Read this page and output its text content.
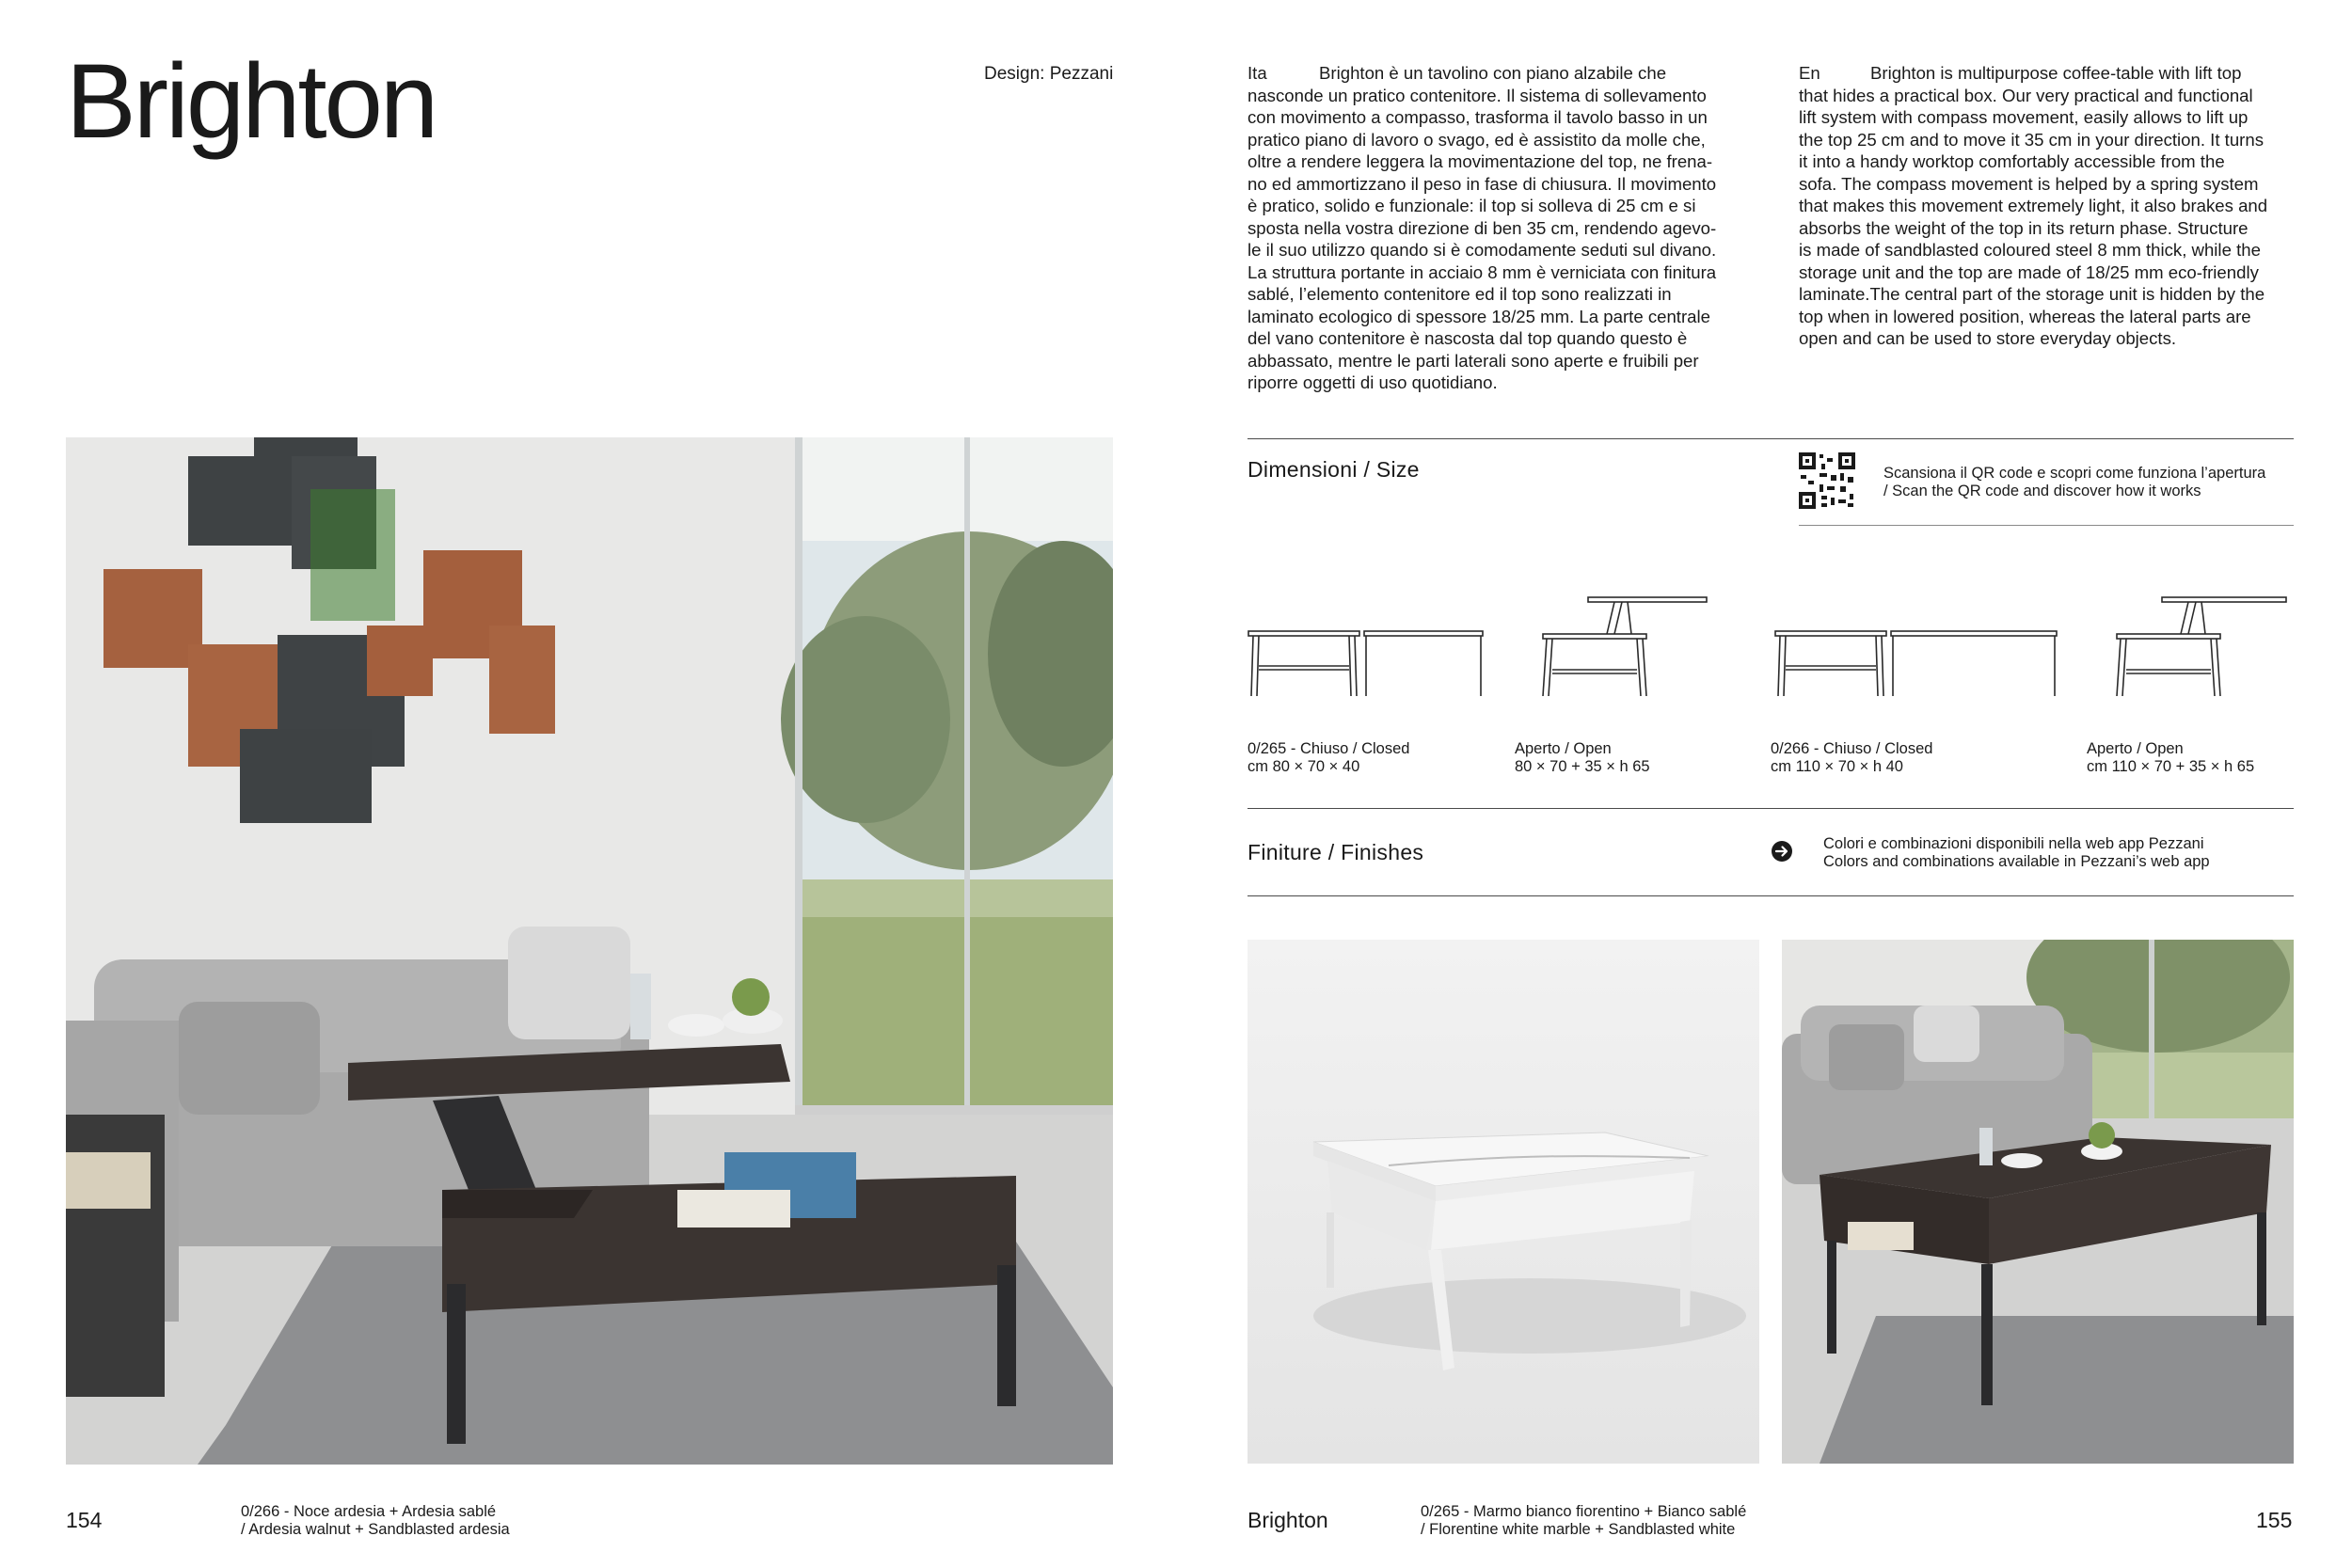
Brighton	Design: Pezzani
154	0/266 - Noce ardesia + Ardesia sablé
/ Ardesia walnut + Sandblasted ardesia
Ita	Brighton è un tavolino con piano alzabile che
nasconde un pratico contenitore. Il sistema di sollevamento
con movimento a compasso, trasforma il tavolo basso in un
pratico piano di lavoro o svago, ed è assistito da molle che,
oltre a rendere leggera la movimentazione del top, ne frena-
no ed ammortizzano il peso in fase di chiusura. Il movimento
è pratico, solido e funzionale: il top si solleva di 25 cm e si
sposta nella vostra direzione di ben 35 cm, rendendo agevo-
le il suo utilizzo quando si è comodamente seduti sul divano.
La struttura portante in acciaio 8 mm è verniciata con finitura
sablé, l’elemento contenitore ed il top sono realizzati in
laminato ecologico di spessore 18/25 mm. La parte centrale
del vano contenitore è nascosta dal top quando questo è
abbassato, mentre le parti laterali sono aperte e fruibili per
riporre oggetti di uso quotidiano.
En	Brighton is multipurpose coffee-table with lift top
that hides a practical box. Our very practical and functional
lift system with compass movement, easily allows to lift up
the top 25 cm and to move it 35 cm in your direction. It turns
it into a handy worktop comfortably accessible from the
sofa. The compass movement is helped by a spring system
that makes this movement extremely light, it also brakes and
absorbs the weight of the top in its return phase. Structure
is made of sandblasted coloured steel 8 mm thick, while the
storage unit and the top are made of 18/25 mm eco-friendly
laminate.The central part of the storage unit is hidden by the
top when in lowered position, whereas the lateral parts are
open and can be used to store everyday objects.
Dimensioni / Size	Scansiona il QR code e scopri come funziona l’apertura
/ Scan the QR code and discover how it works
0/265 - Chiuso / Closed
cm 80 × 70 × 40
Aperto / Open
80 × 70 + 35 × h 65
0/266 - Chiuso / Closed
cm 110 × 70 × h 40
Aperto / Open
cm 110 × 70 + 35 × h 65
Finiture / Finishes	Colori e combinazioni disponibili nella web app Pezzani
Colors and combinations available in Pezzani’s web app
Brighton	0/265 - Marmo bianco fiorentino + Bianco sablé
/ Florentine white marble + Sandblasted white	155
